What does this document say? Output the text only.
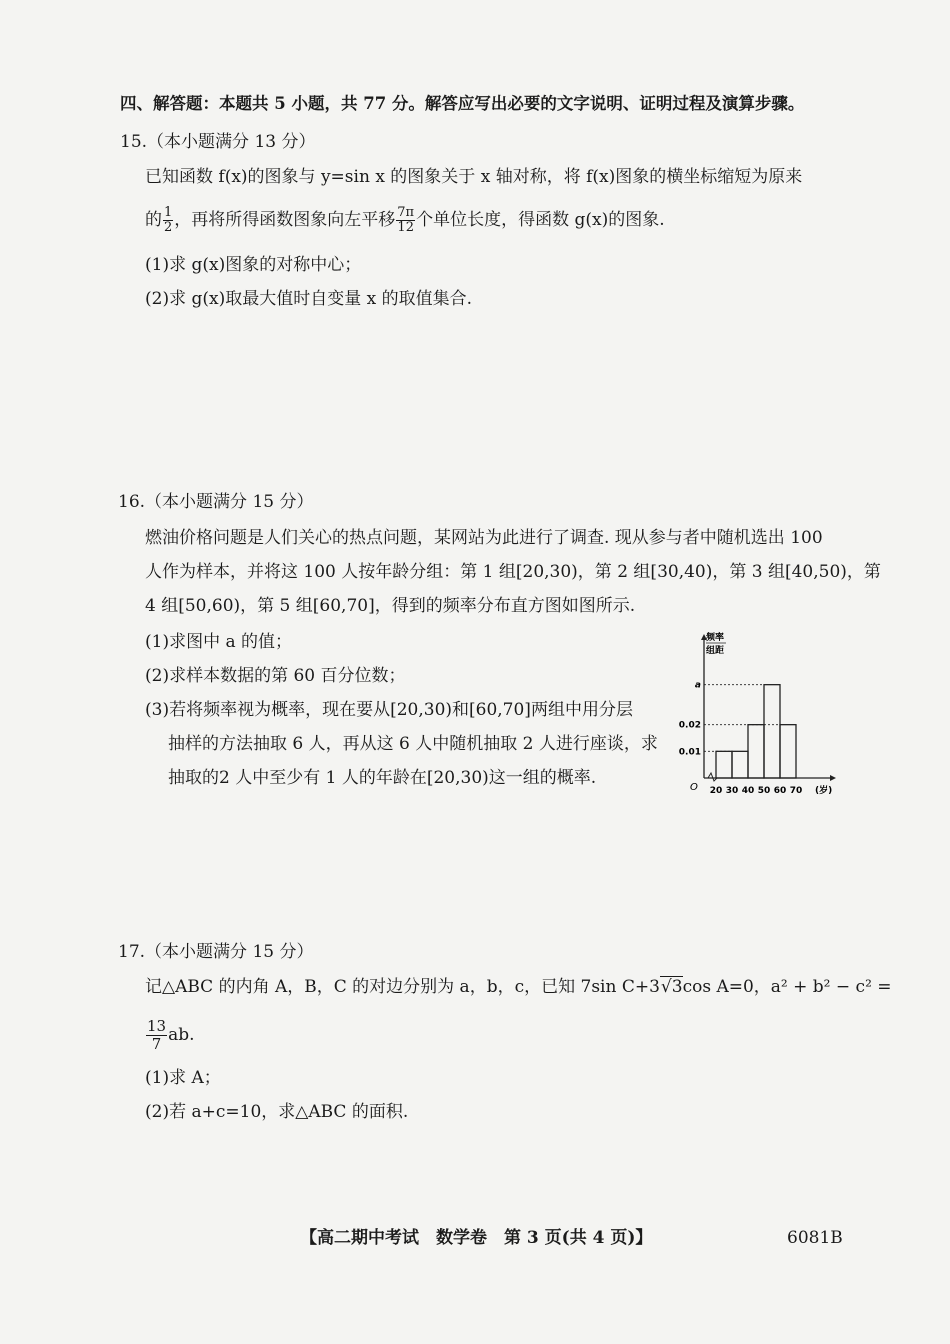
四、解答题：本题共 5 小题，共 77 分。解答应写出必要的文字说明、证明过程及演算步骤。
15.（本小题满分 13 分）
已知函数 f(x)的图象与 y=sin x 的图象关于 x 轴对称，将 f(x)图象的横坐标缩短为原来
的 $\frac{1}{2}$ ，再将所得函数图象向左平移 $\frac{7\pi}{12}$ 个单位长度，得函数 g(x)的图象.
(1)求 g(x)图象的对称中心；
(2)求 g(x)取最大值时自变量 x 的取值集合.
16.（本小题满分 15 分）
燃油价格问题是人们关心的热点问题，某网站为此进行了调查. 现从参与者中随机选出 100
人作为样本，并将这 100 人按年龄分组：第 1 组[20,30)，第 2 组[30,40)，第 3 组[40,50)，第
4 组[50,60)，第 5 组[60,70]，得到的频率分布直方图如图所示.
(1)求图中 a 的值；
(2)求样本数据的第 60 百分位数；
(3)若将频率视为概率，现在要从[20,30)和[60,70]两组中用分层
抽样的方法抽取 6 人，再从这 6 人中随机抽取 2 人进行座谈，求
抽取的2 人中至少有 1 人的年龄在[20,30)这一组的概率.
频率
组距
0.01
0.02
a
20 30 40 50 60 70 (岁)
O
17.（本小题满分 15 分）
记△ABC 的内角 A，B，C 的对边分别为 a，b，c，已知 7sin C+3√3cos A=0，a² + b² − c² =
$\frac{13}{7}$ ab.
(1)求 A；
(2)若 a+c=10，求△ABC 的面积.
【高二期中考试　数学卷　第 3 页(共 4 页)】	6081B
